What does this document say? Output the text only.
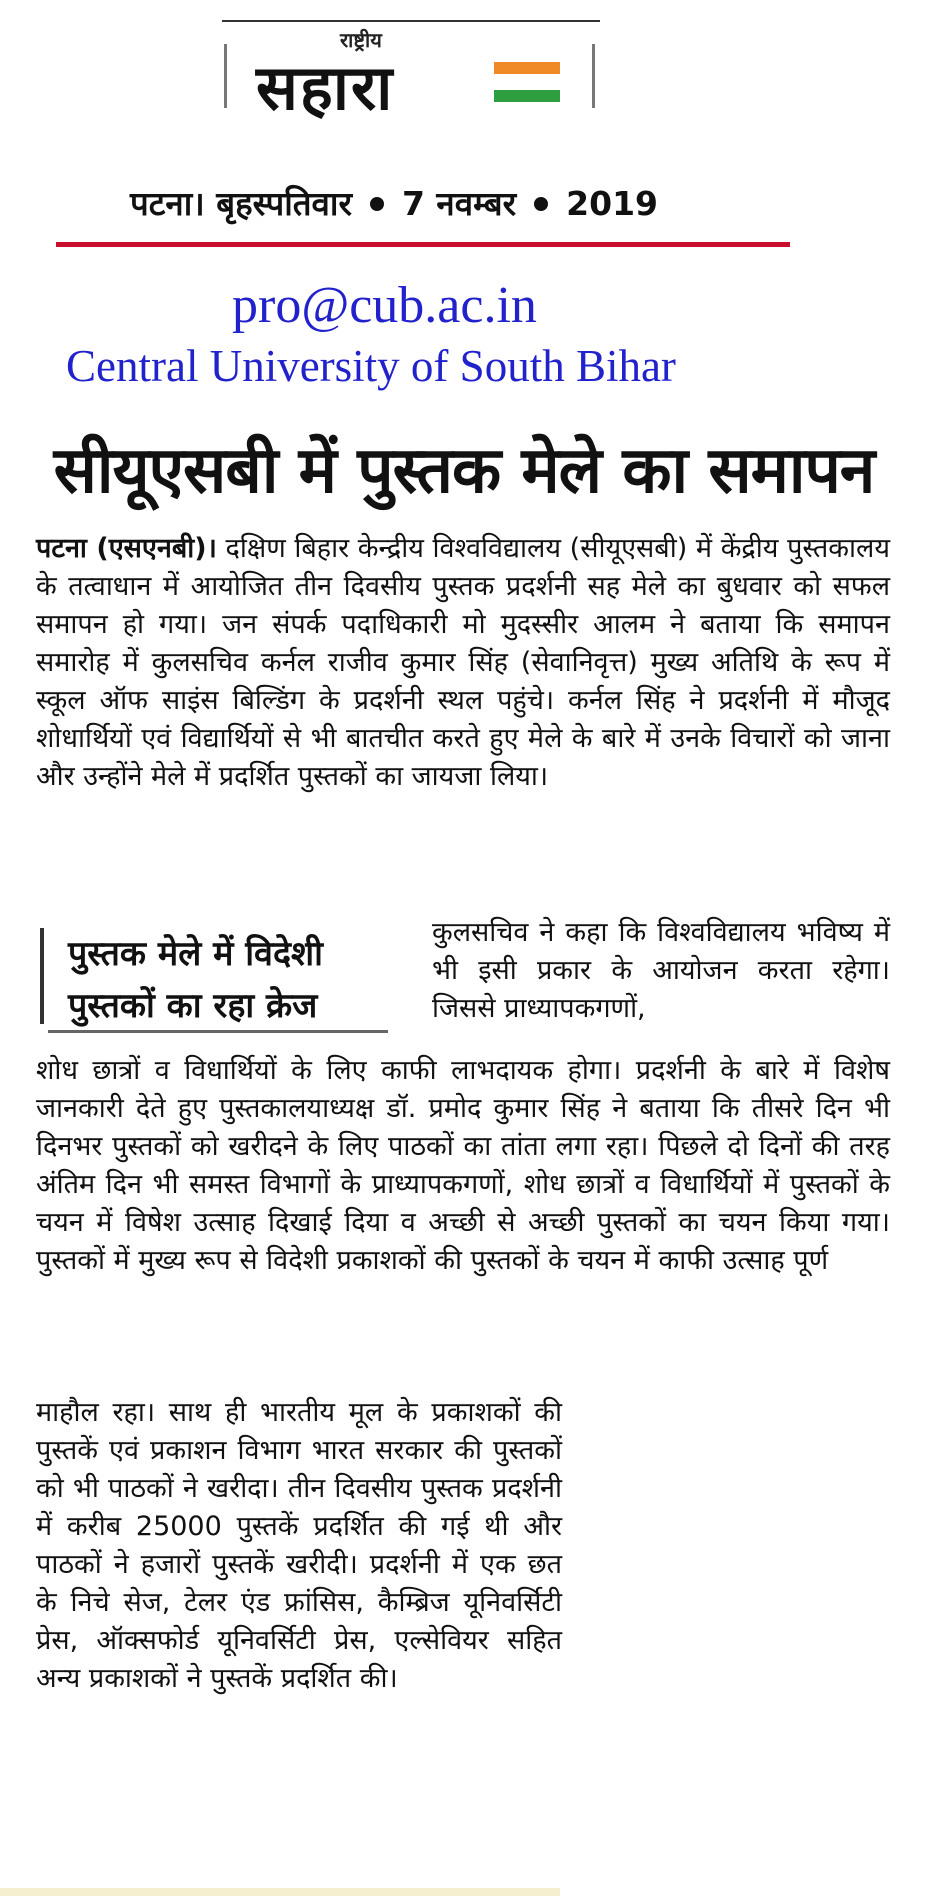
राष्ट्रीय
सहारा
पटना। बृहस्पतिवार 7 नवम्बर 2019
pro@cub.ac.in
Central University of South Bihar
सीयूएसबी में पुस्तक मेले का समापन

पटना (एसएनबी)। दक्षिण बिहार केन्द्रीय विश्वविद्यालय (सीयूएसबी) में केंद्रीय पुस्तकालय के तत्वाधान में आयोजित तीन दिवसीय पुस्तक प्रदर्शनी सह मेले का बुधवार को सफल समापन हो गया। जन संपर्क पदाधिकारी मो मुदस्सीर आलम ने बताया कि समापन समारोह में कुलसचिव कर्नल राजीव कुमार सिंह (सेवानिवृत्त) मुख्य अतिथि के रूप में स्कूल ऑफ साइंस बिल्डिंग के प्रदर्शनी स्थल पहुंचे। कर्नल सिंह ने प्रदर्शनी में मौजूद शोधार्थियों एवं विद्यार्थियों से भी बातचीत करते हुए मेले के बारे में उनके विचारों को जाना और उन्होंने मेले में प्रदर्शित पुस्तकों का जायजा लिया।

पुस्तक मेले में विदेशी पुस्तकों का रहा क्रेज

कुलसचिव ने कहा कि विश्वविद्यालय भविष्य में भी इसी प्रकार के आयोजन करता रहेगा। जिससे प्राध्यापकगणों,

शोध छात्रों व विधार्थियों के लिए काफी लाभदायक होगा। प्रदर्शनी के बारे में विशेष जानकारी देते हुए पुस्तकालयाध्यक्ष डॉ. प्रमोद कुमार सिंह ने बताया कि तीसरे दिन भी दिनभर पुस्तकों को खरीदने के लिए पाठकों का तांता लगा रहा। पिछले दो दिनों की तरह अंतिम दिन भी समस्त विभागों के प्राध्यापकगणों, शोध छात्रों व विधार्थियों में पुस्तकों के चयन में विषेश उत्साह दिखाई दिया व अच्छी से अच्छी पुस्तकों का चयन किया गया। पुस्तकों में मुख्य रूप से विदेशी प्रकाशकों की पुस्तकों के चयन में काफी उत्साह पूर्ण

माहौल रहा। साथ ही भारतीय मूल के प्रकाशकों की पुस्तकें एवं प्रकाशन विभाग भारत सरकार की पुस्तकों को भी पाठकों ने खरीदा। तीन दिवसीय पुस्तक प्रदर्शनी में करीब 25000 पुस्तकें प्रदर्शित की गई थी और पाठकों ने हजारों पुस्तकें खरीदी। प्रदर्शनी में एक छत के निचे सेज, टेलर एंड फ्रांसिस, कैम्ब्रिज यूनिवर्सिटी प्रेस, ऑक्सफोर्ड यूनिवर्सिटी प्रेस, एल्सेवियर सहित अन्य प्रकाशकों ने पुस्तकें प्रदर्शित की।
